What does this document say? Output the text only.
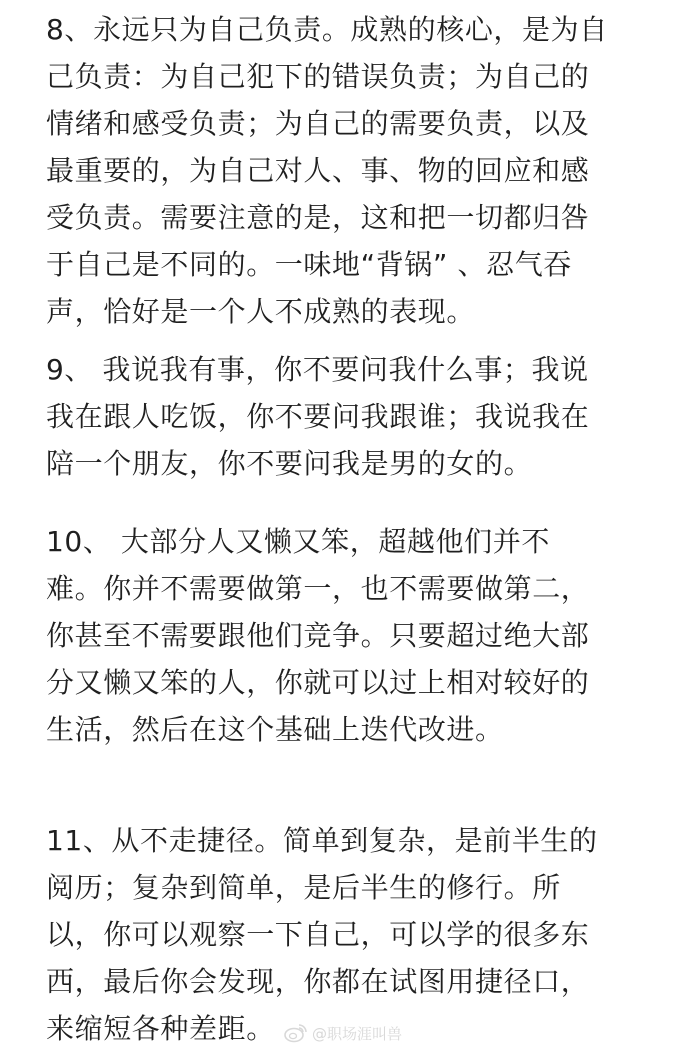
8、永远只为自己负责。成熟的核心，是为自
己负责：为自己犯下的错误负责；为自己的
情绪和感受负责；为自己的需要负责，以及
最重要的，为自己对人、事、物的回应和感
受负责。需要注意的是，这和把一切都归咎
于自己是不同的。一味地“背锅” 、忍气吞
声，恰好是一个人不成熟的表现。
9、 我说我有事，你不要问我什么事；我说
我在跟人吃饭，你不要问我跟谁；我说我在
陪一个朋友，你不要问我是男的女的。
10、 大部分人又懒又笨，超越他们并不
难。你并不需要做第一，也不需要做第二，
你甚至不需要跟他们竞争。只要超过绝大部
分又懒又笨的人，你就可以过上相对较好的
生活，然后在这个基础上迭代改进。
11、从不走捷径。简单到复杂，是前半生的
阅历；复杂到简单，是后半生的修行。所
以，你可以观察一下自己，可以学的很多东
西，最后你会发现，你都在试图用捷径口，
来缩短各种差距。	@职场涯叫兽
